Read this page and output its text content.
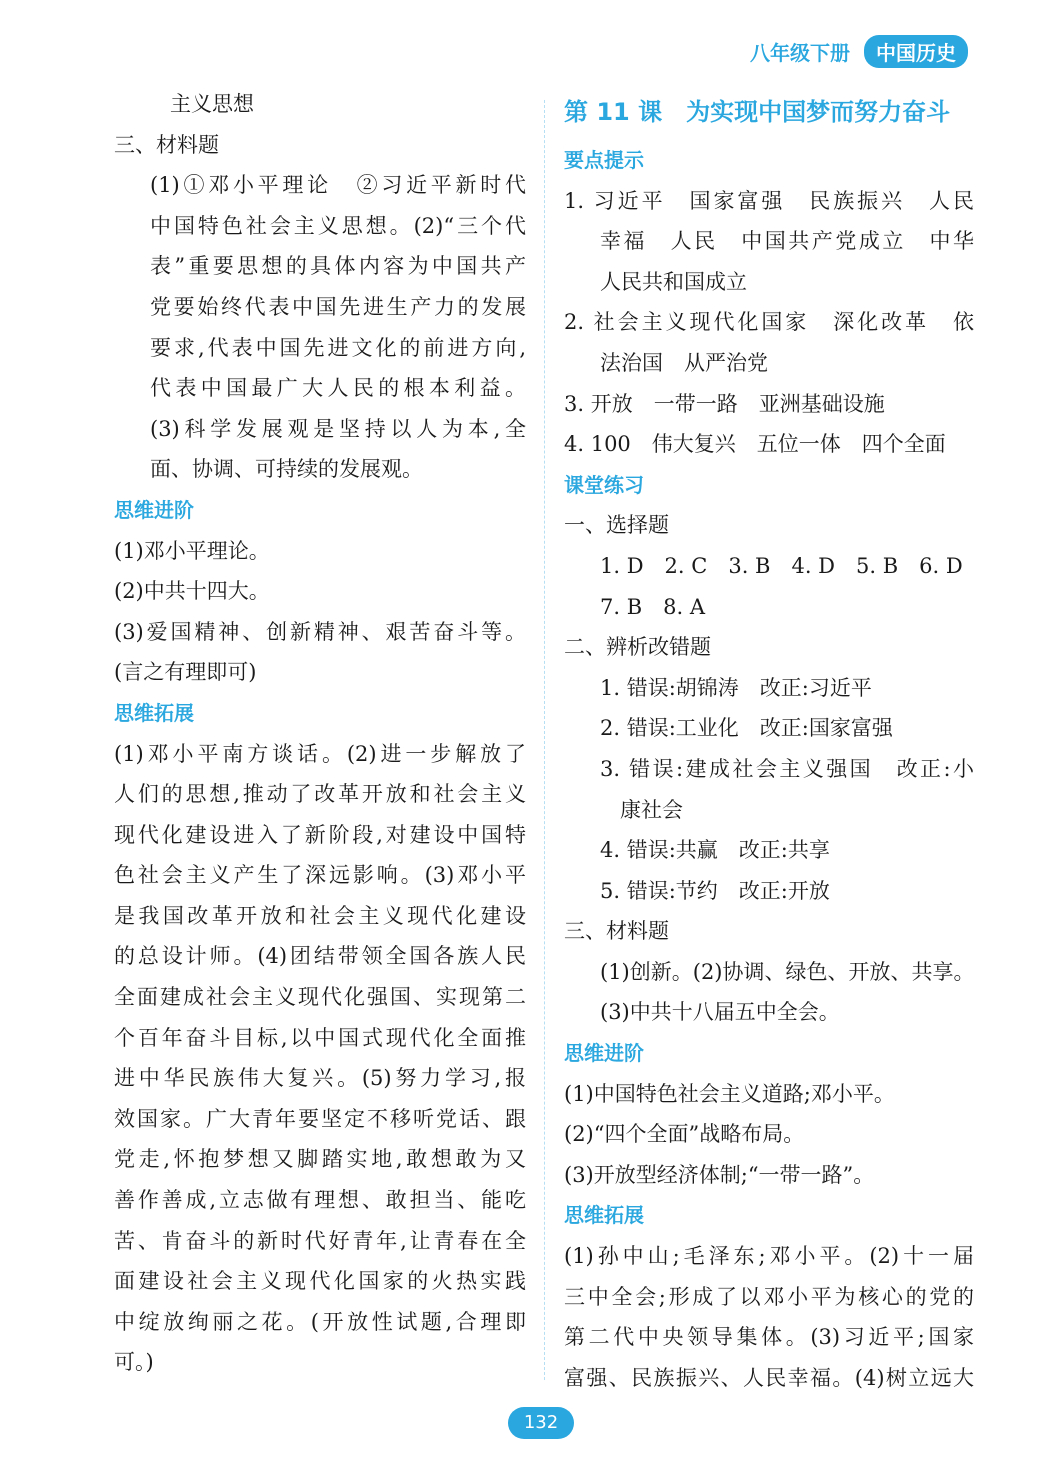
八年级下册	中国历史
主义思想
三、材料题
(1)①邓小平理论　②习近平新时代
中国特色社会主义思想。(2)“三个代
表”重要思想的具体内容为中国共产
党要始终代表中国先进生产力的发展
要求,代表中国先进文化的前进方向,
代表中国最广大人民的根本利益。
(3)科学发展观是坚持以人为本,全
面、协调、可持续的发展观。
思维进阶
(1)邓小平理论。
(2)中共十四大。
(3)爱国精神、创新精神、艰苦奋斗等。
(言之有理即可)
思维拓展
(1)邓小平南方谈话。(2)进一步解放了
人们的思想,推动了改革开放和社会主义
现代化建设进入了新阶段,对建设中国特
色社会主义产生了深远影响。(3)邓小平
是我国改革开放和社会主义现代化建设
的总设计师。(4)团结带领全国各族人民
全面建成社会主义现代化强国、实现第二
个百年奋斗目标,以中国式现代化全面推
进中华民族伟大复兴。(5)努力学习,报
效国家。广大青年要坚定不移听党话、跟
党走,怀抱梦想又脚踏实地,敢想敢为又
善作善成,立志做有理想、敢担当、能吃
苦、肯奋斗的新时代好青年,让青春在全
面建设社会主义现代化国家的火热实践
中绽放绚丽之花。(开放性试题,合理即
可。)
第 11 课　为实现中国梦而努力奋斗
要点提示
1. 习近平　国家富强　民族振兴　人民
幸福　人民　中国共产党成立　中华
人民共和国成立
2. 社会主义现代化国家　深化改革　依
法治国　从严治党
3. 开放　一带一路　亚洲基础设施
4. 100　伟大复兴　五位一体　四个全面
课堂练习
一、选择题
1. D　2. C　3. B　4. D　5. B　6. D
7. B　8. A
二、辨析改错题
1. 错误:胡锦涛　改正:习近平
2. 错误:工业化　改正:国家富强
3. 错误:建成社会主义强国　改正:小
康社会
4. 错误:共赢　改正:共享
5. 错误:节约　改正:开放
三、材料题
(1)创新。(2)协调、绿色、开放、共享。
(3)中共十八届五中全会。
思维进阶
(1)中国特色社会主义道路;邓小平。
(2)“四个全面”战略布局。
(3)开放型经济体制;“一带一路”。
思维拓展
(1)孙中山;毛泽东;邓小平。(2)十一届
三中全会;形成了以邓小平为核心的党的
第二代中央领导集体。(3)习近平;国家
富强、民族振兴、人民幸福。(4)树立远大
132
